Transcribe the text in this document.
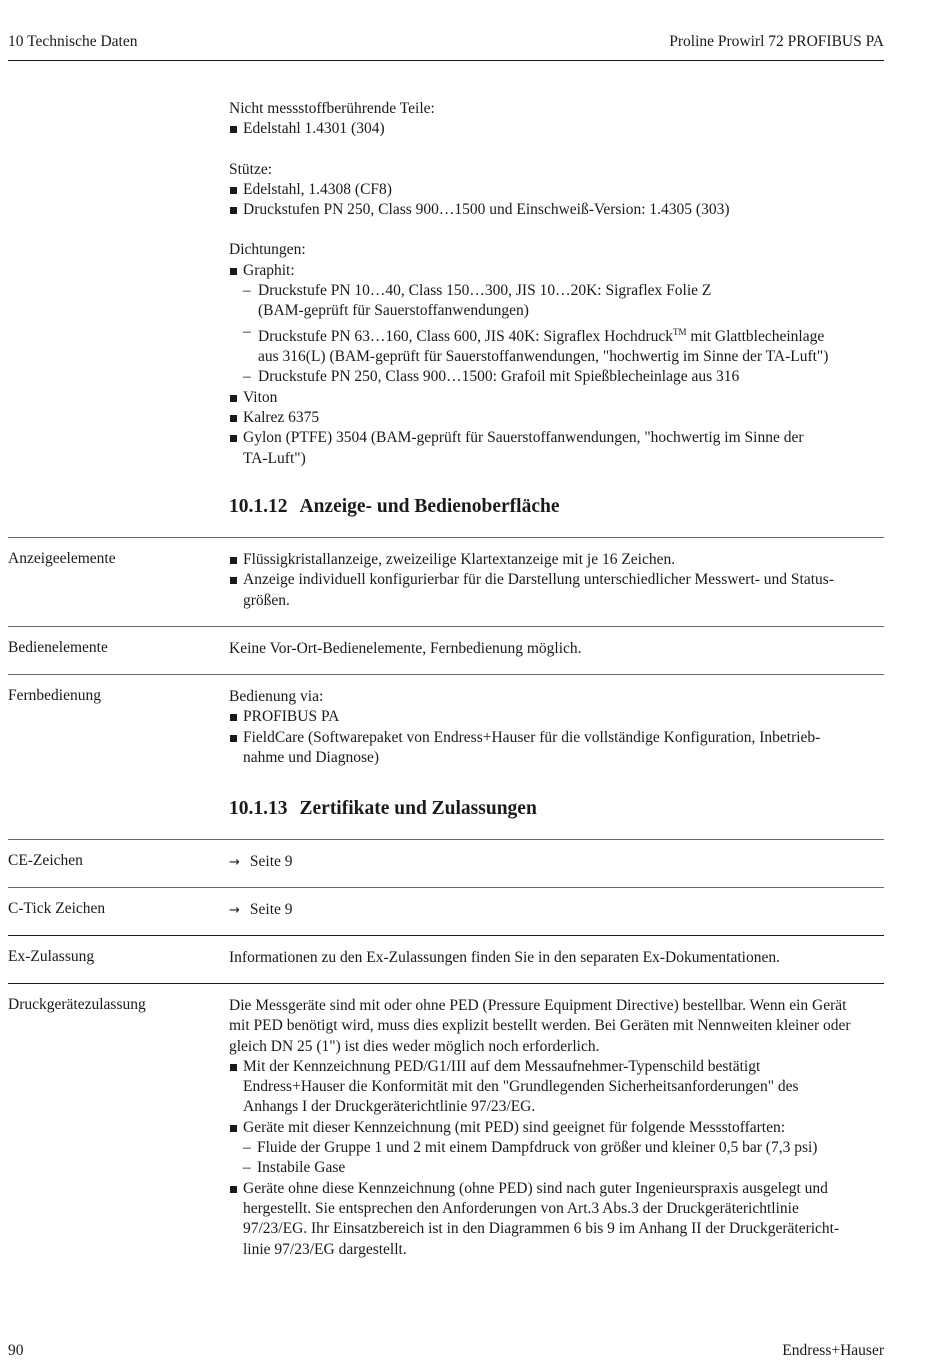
10 Technische Daten	Proline Prowirl 72 PROFIBUS PA
Nicht messstoffberührende Teile:
Edelstahl 1.4301 (304)
Stütze:
Edelstahl, 1.4308 (CF8)
Druckstufen PN 250, Class 900…1500 und Einschweiß-Version: 1.4305 (303)
Dichtungen:
Graphit:
– Druckstufe PN 10…40, Class 150…300, JIS 10…20K: Sigraflex Folie Z
(BAM-geprüft für Sauerstoffanwendungen)
– Druckstufe PN 63…160, Class 600, JIS 40K: Sigraflex Hochdruck™ mit Glattblecheinlage
aus 316(L) (BAM-geprüft für Sauerstoffanwendungen, "hochwertig im Sinne der TA-Luft")
– Druckstufe PN 250, Class 900…1500: Grafoil mit Spießblecheinlage aus 316
Viton
Kalrez 6375
Gylon (PTFE) 3504 (BAM-geprüft für Sauerstoffanwendungen, "hochwertig im Sinne der
TA-Luft")
10.1.12 Anzeige- und Bedienoberfläche
Anzeigeelemente	Flüssigkristallanzeige, zweizeilige Klartextanzeige mit je 16 Zeichen.
Anzeige individuell konfigurierbar für die Darstellung unterschiedlicher Messwert- und Status-
größen.
Bedienelemente	Keine Vor-Ort-Bedienelemente, Fernbedienung möglich.
Fernbedienung	Bedienung via:
PROFIBUS PA
FieldCare (Softwarepaket von Endress+Hauser für die vollständige Konfiguration, Inbetrieb-
nahme und Diagnose)
10.1.13 Zertifikate und Zulassungen
CE-Zeichen	→ Seite 9
C-Tick Zeichen	→ Seite 9
Ex-Zulassung	Informationen zu den Ex-Zulassungen finden Sie in den separaten Ex-Dokumentationen.
Druckgerätezulassung	Die Messgeräte sind mit oder ohne PED (Pressure Equipment Directive) bestellbar. Wenn ein Gerät
mit PED benötigt wird, muss dies explizit bestellt werden. Bei Geräten mit Nennweiten kleiner oder
gleich DN 25 (1") ist dies weder möglich noch erforderlich.
Mit der Kennzeichnung PED/G1/III auf dem Messaufnehmer-Typenschild bestätigt
Endress+Hauser die Konformität mit den "Grundlegenden Sicherheitsanforderungen" des
Anhangs I der Druckgeräterichtlinie 97/23/EG.
Geräte mit dieser Kennzeichnung (mit PED) sind geeignet für folgende Messstoffarten:
– Fluide der Gruppe 1 und 2 mit einem Dampfdruck von größer und kleiner 0,5 bar (7,3 psi)
– Instabile Gase
Geräte ohne diese Kennzeichnung (ohne PED) sind nach guter Ingenieurspraxis ausgelegt und
hergestellt. Sie entsprechen den Anforderungen von Art.3 Abs.3 der Druckgeräterichtlinie
97/23/EG. Ihr Einsatzbereich ist in den Diagrammen 6 bis 9 im Anhang II der Druckgerätericht-
linie 97/23/EG dargestellt.
90	Endress+Hauser
